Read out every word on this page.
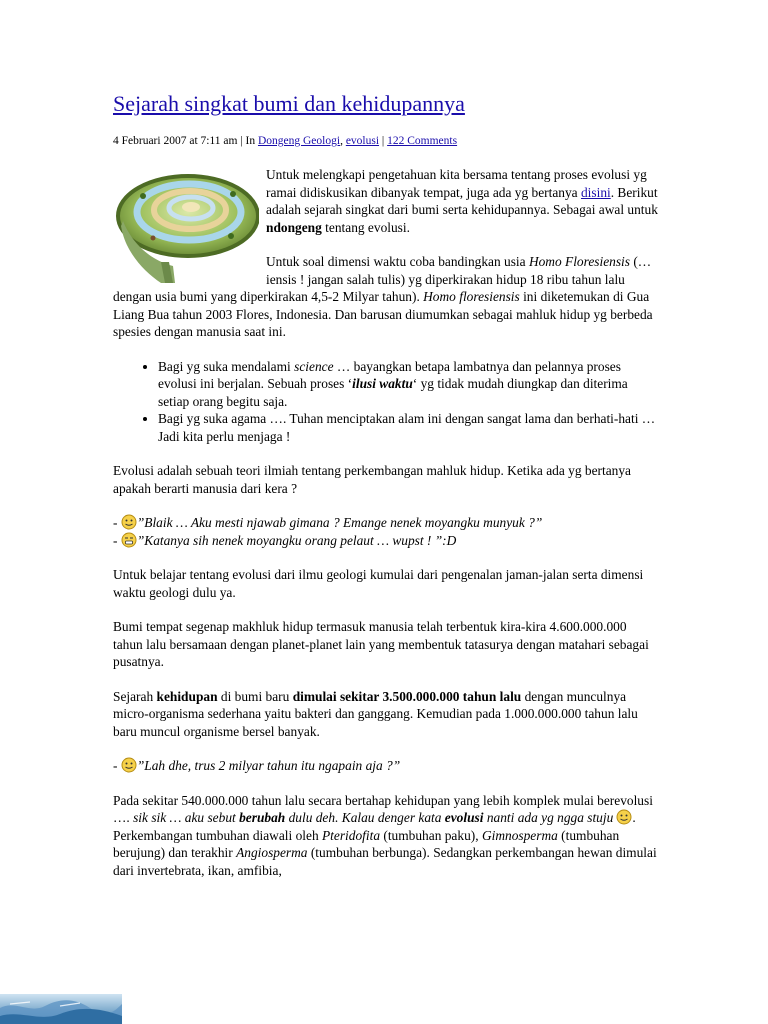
Sejarah singkat bumi dan kehidupannya
4 Februari 2007 at 7:11 am | In Dongeng Geologi, evolusi | 122 Comments

Untuk melengkapi pengetahuan kita bersama tentang proses evolusi yg ramai didiskusikan dibanyak tempat, juga ada yg bertanya disini. Berikut adalah sejarah singkat dari bumi serta kehidupannya. Sebagai awal untuk ndongeng tentang evolusi.

Untuk soal dimensi waktu coba bandingkan usia Homo Floresiensis (…iensis ! jangan salah tulis) yg diperkirakan hidup 18 ribu tahun lalu dengan usia bumi yang diperkirakan 4,5-2 Milyar tahun). Homo floresiensis ini diketemukan di Gua Liang Bua tahun 2003 Flores, Indonesia. Dan barusan diumumkan sebagai mahluk hidup yg berbeda spesies dengan manusia saat ini.

• Bagi yg suka mendalami science … bayangkan betapa lambatnya dan pelannya proses evolusi ini berjalan. Sebuah proses ‘ilusi waktu‘ yg tidak mudah diungkap dan diterima setiap orang begitu saja.
• Bagi yg suka agama …. Tuhan menciptakan alam ini dengan sangat lama dan berhati-hati … Jadi kita perlu menjaga !

Evolusi adalah sebuah teori ilmiah tentang perkembangan mahluk hidup. Ketika ada yg bertanya apakah berarti manusia dari kera ?

- ”Blaik … Aku mesti njawab gimana ? Emange nenek moyangku munyuk ?”
- ”Katanya sih nenek moyangku orang pelaut … wupst ! ”:D

Untuk belajar tentang evolusi dari ilmu geologi kumulai dari pengenalan jaman-jalan serta dimensi waktu geologi dulu ya.

Bumi tempat segenap makhluk hidup termasuk manusia telah terbentuk kira-kira 4.600.000.000 tahun lalu bersamaan dengan planet-planet lain yang membentuk tatasurya dengan matahari sebagai pusatnya.

Sejarah kehidupan di bumi baru dimulai sekitar 3.500.000.000 tahun lalu dengan munculnya micro-organisma sederhana yaitu bakteri dan ganggang. Kemudian pada 1.000.000.000 tahun lalu baru muncul organisme bersel banyak.

- ”Lah dhe, trus 2 milyar tahun itu ngapain aja ?”

Pada sekitar 540.000.000 tahun lalu secara bertahap kehidupan yang lebih komplek mulai berevolusi …. sik sik … aku sebut berubah dulu deh. Kalau denger kata evolusi nanti ada yg ngga stuju . Perkembangan tumbuhan diawali oleh Pteridofita (tumbuhan paku), Gimnosperma (tumbuhan berujung) dan terakhir Angiosperma (tumbuhan berbunga). Sedangkan perkembangan hewan dimulai dari invertebrata, ikan, amfibia,
